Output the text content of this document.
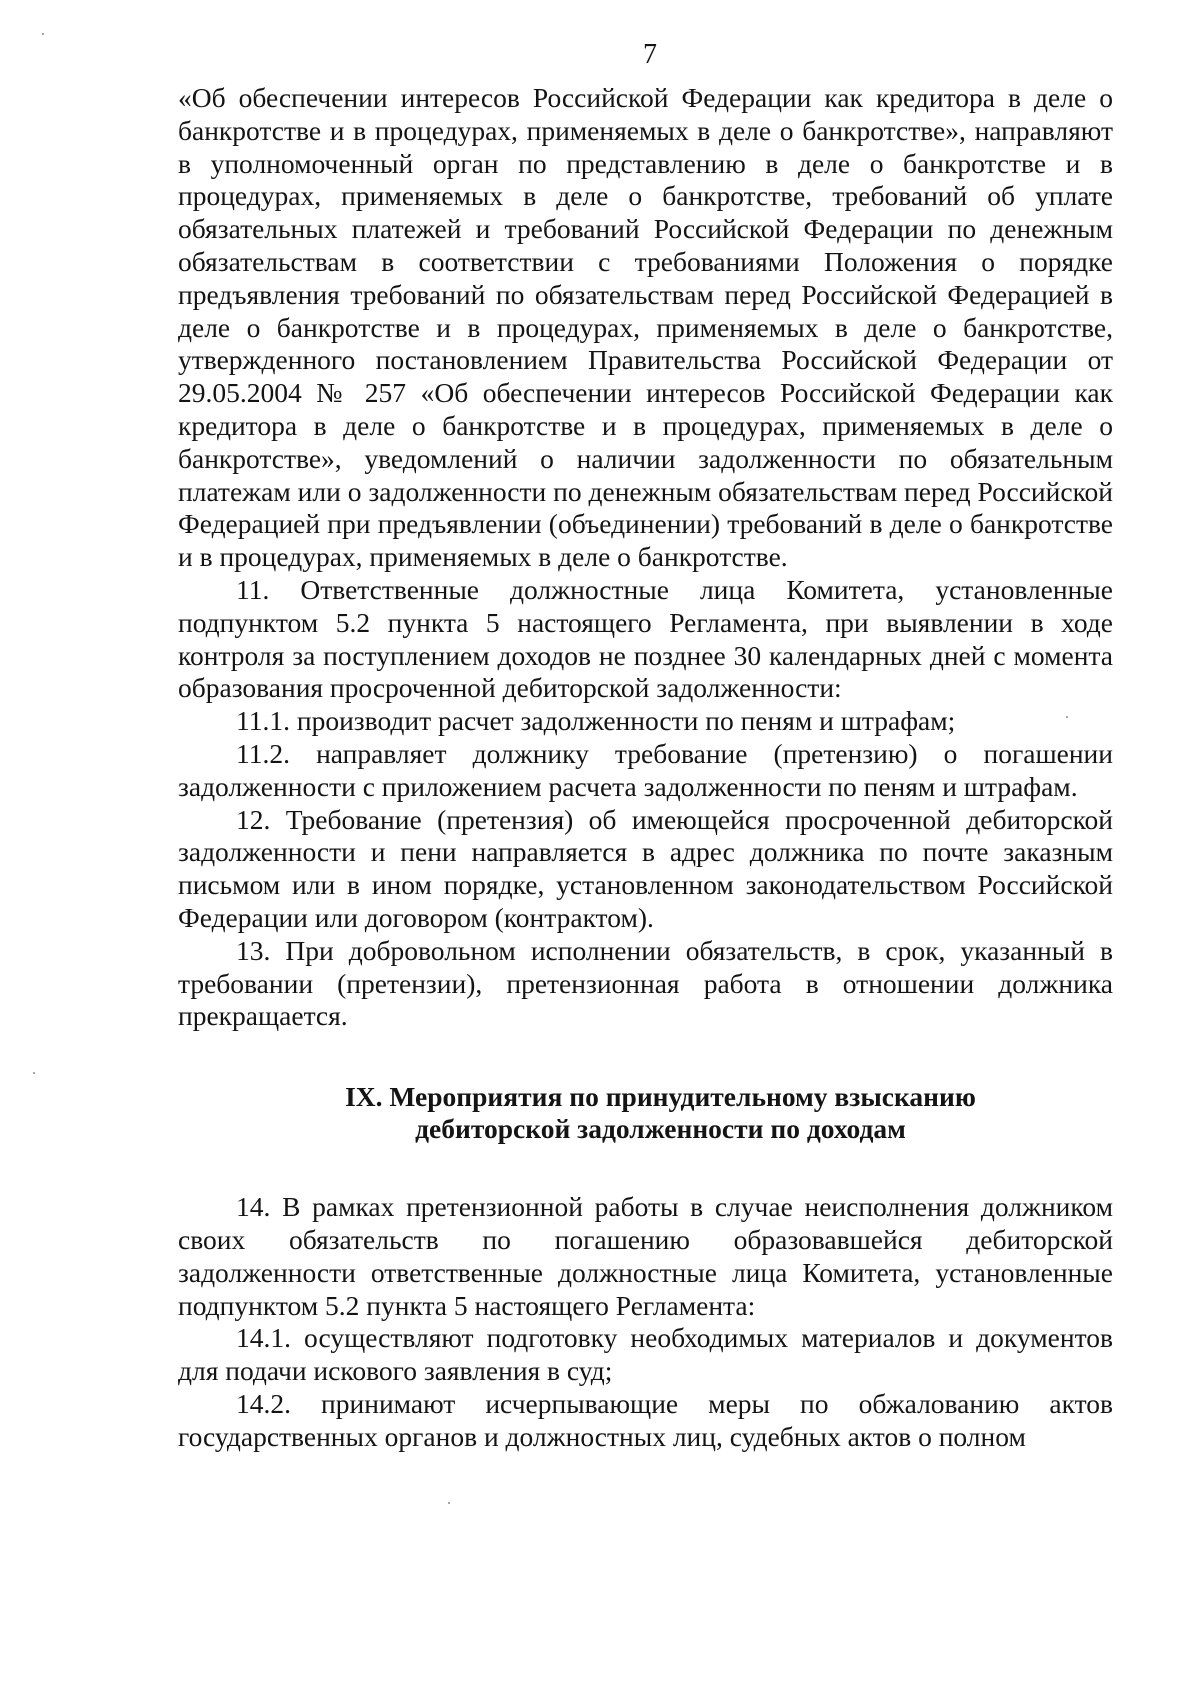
7

«Об обеспечении интересов Российской Федерации как кредитора в деле о банкротстве и в процедурах, применяемых в деле о банкротстве», направляют в уполномоченный орган по представлению в деле о банкротстве и в процедурах, применяемых в деле о банкротстве, требований об уплате обязательных платежей и требований Российской Федерации по денежным обязательствам в соответствии с требованиями Положения о порядке предъявления требований по обязательствам перед Российской Федерацией в деле о банкротстве и в процедурах, применяемых в деле о банкротстве, утвержденного постановлением Правительства Российской Федерации от 29.05.2004 № 257 «Об обеспечении интересов Российской Федерации как кредитора в деле о банкротстве и в процедурах, применяемых в деле о банкротстве», уведомлений о наличии задолженности по обязательным платежам или о задолженности по денежным обязательствам перед Российской Федерацией при предъявлении (объединении) требований в деле о банкротстве и в процедурах, применяемых в деле о банкротстве.

11. Ответственные должностные лица Комитета, установленные подпунктом 5.2 пункта 5 настоящего Регламента, при выявлении в ходе контроля за поступлением доходов не позднее 30 календарных дней с момента образования просроченной дебиторской задолженности:

11.1. производит расчет задолженности по пеням и штрафам;

11.2. направляет должнику требование (претензию) о погашении задолженности с приложением расчета задолженности по пеням и штрафам.

12. Требование (претензия) об имеющейся просроченной дебиторской задолженности и пени направляется в адрес должника по почте заказным письмом или в ином порядке, установленном законодательством Российской Федерации или договором (контрактом).

13. При добровольном исполнении обязательств, в срок, указанный в требовании (претензии), претензионная работа в отношении должника прекращается.

IX. Мероприятия по принудительному взысканию
дебиторской задолженности по доходам

14. В рамках претензионной работы в случае неисполнения должником своих обязательств по погашению образовавшейся дебиторской задолженности ответственные должностные лица Комитета, установленные подпунктом 5.2 пункта 5 настоящего Регламента:

14.1. осуществляют подготовку необходимых материалов и документов для подачи искового заявления в суд;

14.2. принимают исчерпывающие меры по обжалованию актов государственных органов и должностных лиц, судебных актов о полном
